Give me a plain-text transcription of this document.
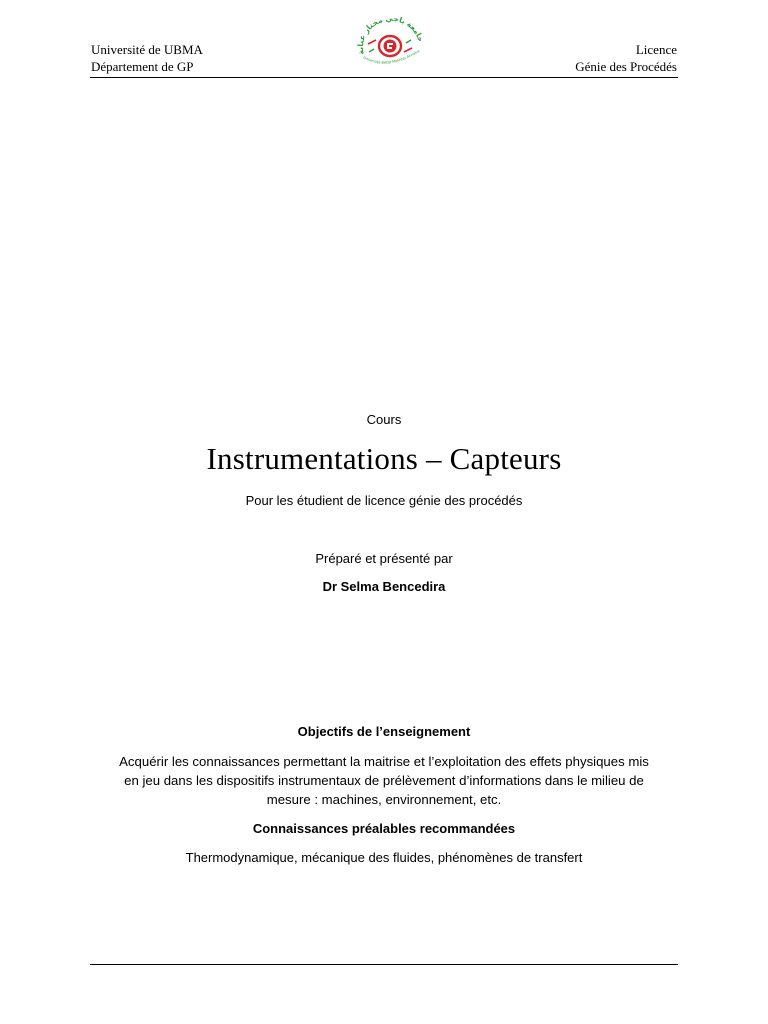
Université de UBMA
Département de GP
Licence
Génie des Procédés
جامعة باجي مختار عنابة
Université BADJI Mokhtar Annaba
Cours
Instrumentations – Capteurs
Pour les étudient de licence génie des procédés
Préparé et présenté par
Dr Selma Bencedira
Objectifs de l’enseignement
Acquérir les connaissances permettant la maitrise et l’exploitation des effets physiques mis
en jeu dans les dispositifs instrumentaux de prélèvement d’informations dans le milieu de
mesure : machines, environnement, etc.
Connaissances préalables recommandées
Thermodynamique, mécanique des fluides, phénomènes de transfert
